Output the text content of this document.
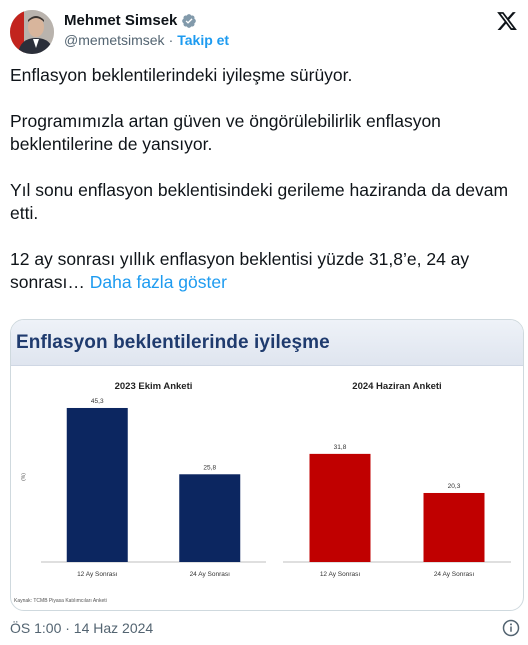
Mehmet Simsek
@memetsimsek · Takip et

Enflasyon beklentilerindeki iyileşme sürüyor.

Programımızla artan güven ve öngörülebilirlik enflasyon beklentilerine de yansıyor.

Yıl sonu enflasyon beklentisindeki gerileme haziranda da devam etti.

12 ay sonrası yıllık enflasyon beklentisi yüzde 31,8’e, 24 ay sonrası… Daha fazla göster

Enflasyon beklentilerinde iyileşme
2023 Ekim Anketi
(%)
45,3
12 Ay Sonrası
25,8
24 Ay Sonrası
2024 Haziran Anketi
31,8
12 Ay Sonrası
20,3
24 Ay Sonrası
Kaynak: TCMB Piyasa Katılımcıları Anketi
ÖS 1:00 · 14 Haz 2024
